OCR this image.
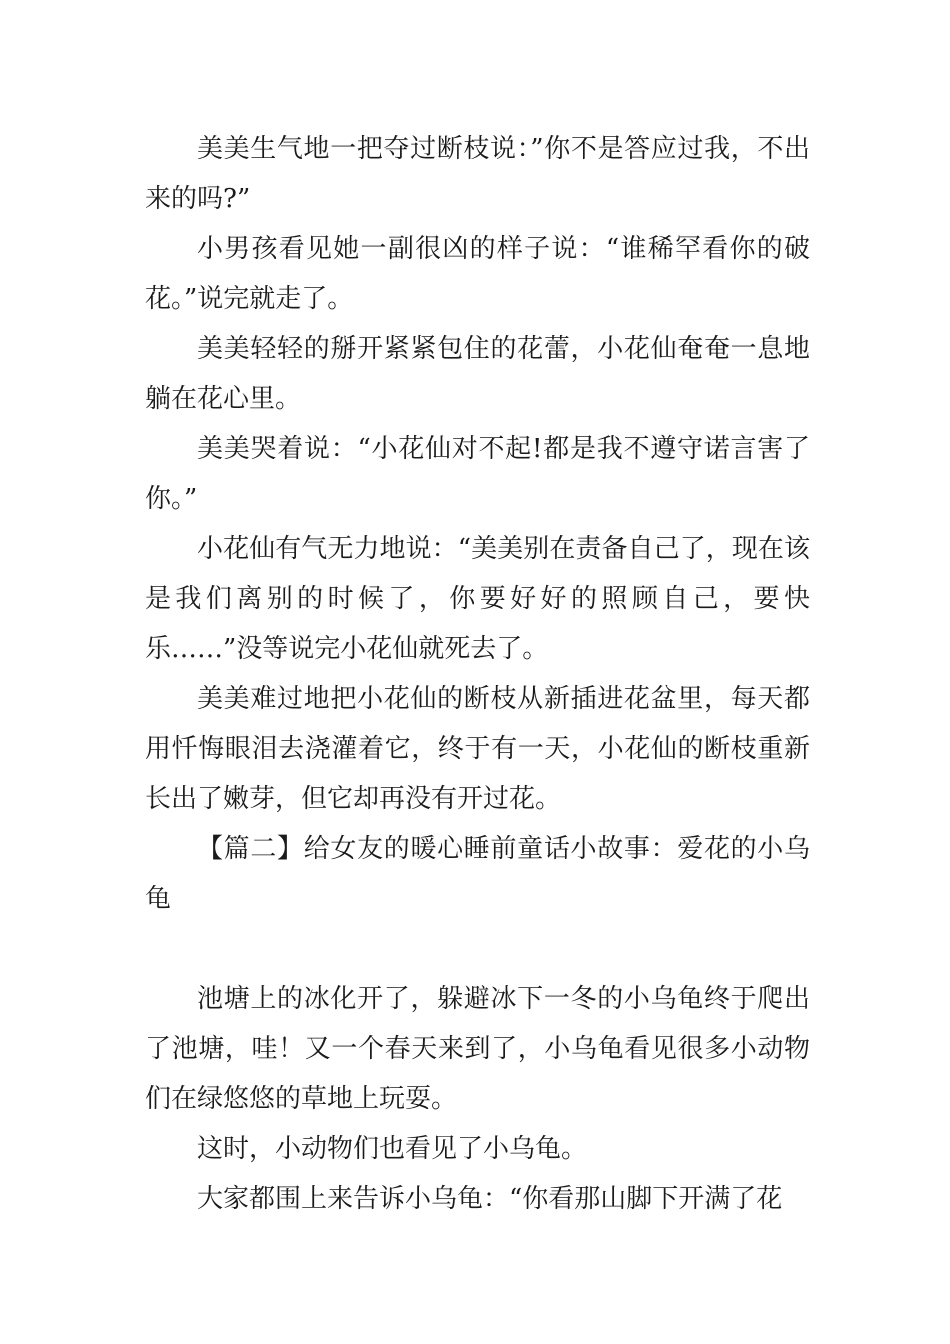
美美生气地一把夺过断枝说：”你不是答应过我，不出来的吗?”

小男孩看见她一副很凶的样子说：“谁稀罕看你的破花。”说完就走了。

美美轻轻的掰开紧紧包住的花蕾，小花仙奄奄一息地躺在花心里。

美美哭着说：“小花仙对不起!都是我不遵守诺言害了你。”

小花仙有气无力地说：“美美别在责备自己了，现在该是我们离别的时候了，你要好好的照顾自己，要快乐……”没等说完小花仙就死去了。

美美难过地把小花仙的断枝从新插进花盆里，每天都用忏悔眼泪去浇灌着它，终于有一天，小花仙的断枝重新长出了嫩芽，但它却再没有开过花。

【篇二】给女友的暖心睡前童话小故事：爱花的小乌龟

池塘上的冰化开了，躲避冰下一冬的小乌龟终于爬出了池塘，哇！又一个春天来到了，小乌龟看见很多小动物们在绿悠悠的草地上玩耍。

这时，小动物们也看见了小乌龟。

大家都围上来告诉小乌龟：“你看那山脚下开满了花
